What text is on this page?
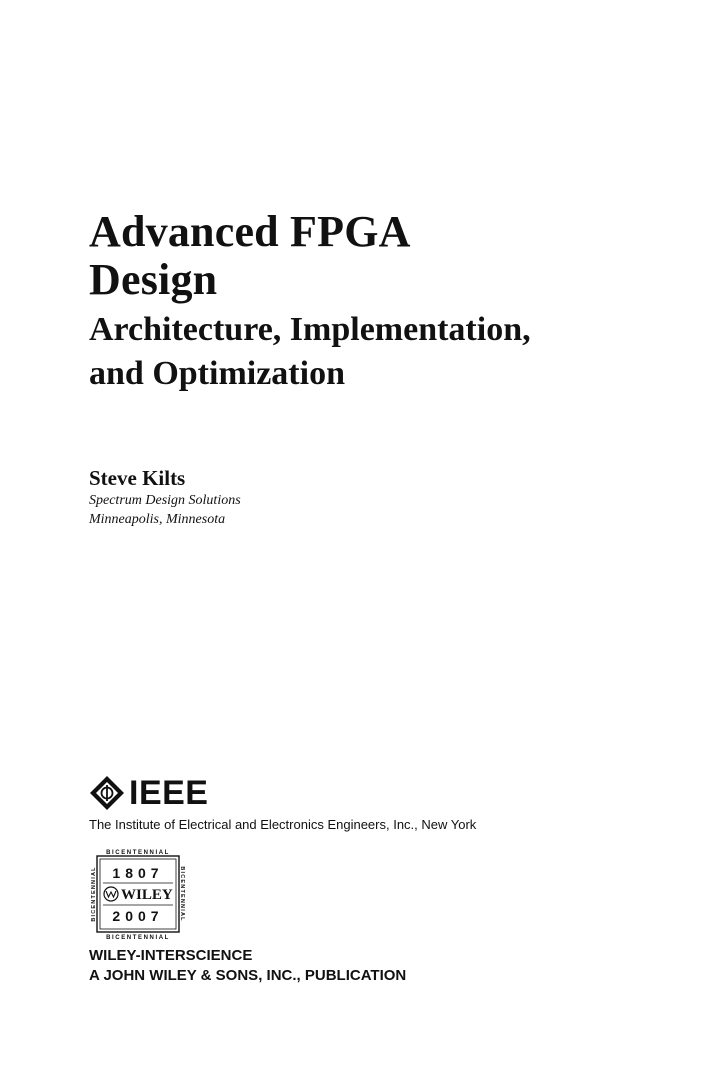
Advanced FPGA

Design

Architecture, Implementation,

and Optimization

Steve Kilts

Spectrum Design Solutions

Minneapolis, Minnesota

IEEE

The Institute of Electrical and Electronics Engineers, Inc., New York

BICENTENNIAL
BICENTENNIAL
BICENTENNIAL	BICENTENNIAL
1807
WILEY
2007

WILEY-INTERSCIENCE

A JOHN WILEY & SONS, INC., PUBLICATION
